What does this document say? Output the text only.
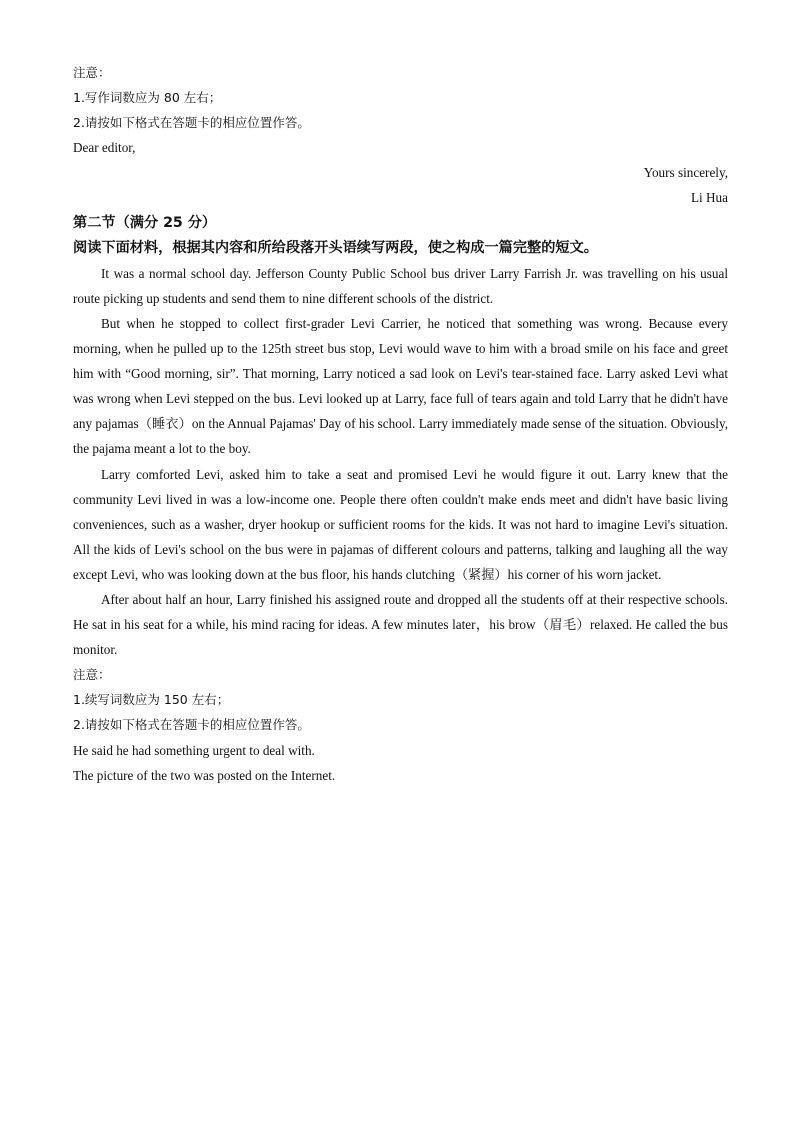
注意：
1.写作词数应为 80 左右；
2.请按如下格式在答题卡的相应位置作答。
Dear editor,
Yours sincerely,
Li Hua
第二节（满分 25 分）
阅读下面材料，根据其内容和所给段落开头语续写两段，使之构成一篇完整的短文。

It was a normal school day. Jefferson County Public School bus driver Larry Farrish Jr. was travelling on his usual route picking up students and send them to nine different schools of the district.

But when he stopped to collect first-grader Levi Carrier, he noticed that something was wrong. Because every morning, when he pulled up to the 125th street bus stop, Levi would wave to him with a broad smile on his face and greet him with “Good morning, sir”. That morning, Larry noticed a sad look on Levi's tear-stained face. Larry asked Levi what was wrong when Levi stepped on the bus. Levi looked up at Larry, face full of tears again and told Larry that he didn't have any pajamas（睡衣）on the Annual Pajamas' Day of his school. Larry immediately made sense of the situation. Obviously, the pajama meant a lot to the boy.

Larry comforted Levi, asked him to take a seat and promised Levi he would figure it out. Larry knew that the community Levi lived in was a low-income one. People there often couldn't make ends meet and didn't have basic living conveniences, such as a washer, dryer hookup or sufficient rooms for the kids. It was not hard to imagine Levi's situation. All the kids of Levi's school on the bus were in pajamas of different colours and patterns, talking and laughing all the way except Levi, who was looking down at the bus floor, his hands clutching（紧握）his corner of his worn jacket.

After about half an hour, Larry finished his assigned route and dropped all the students off at their respective schools. He sat in his seat for a while, his mind racing for ideas. A few minutes later，his brow（眉毛）relaxed. He called the bus monitor.

注意：
1.续写词数应为 150 左右；
2.请按如下格式在答题卡的相应位置作答。
He said he had something urgent to deal with.
The picture of the two was posted on the Internet.
